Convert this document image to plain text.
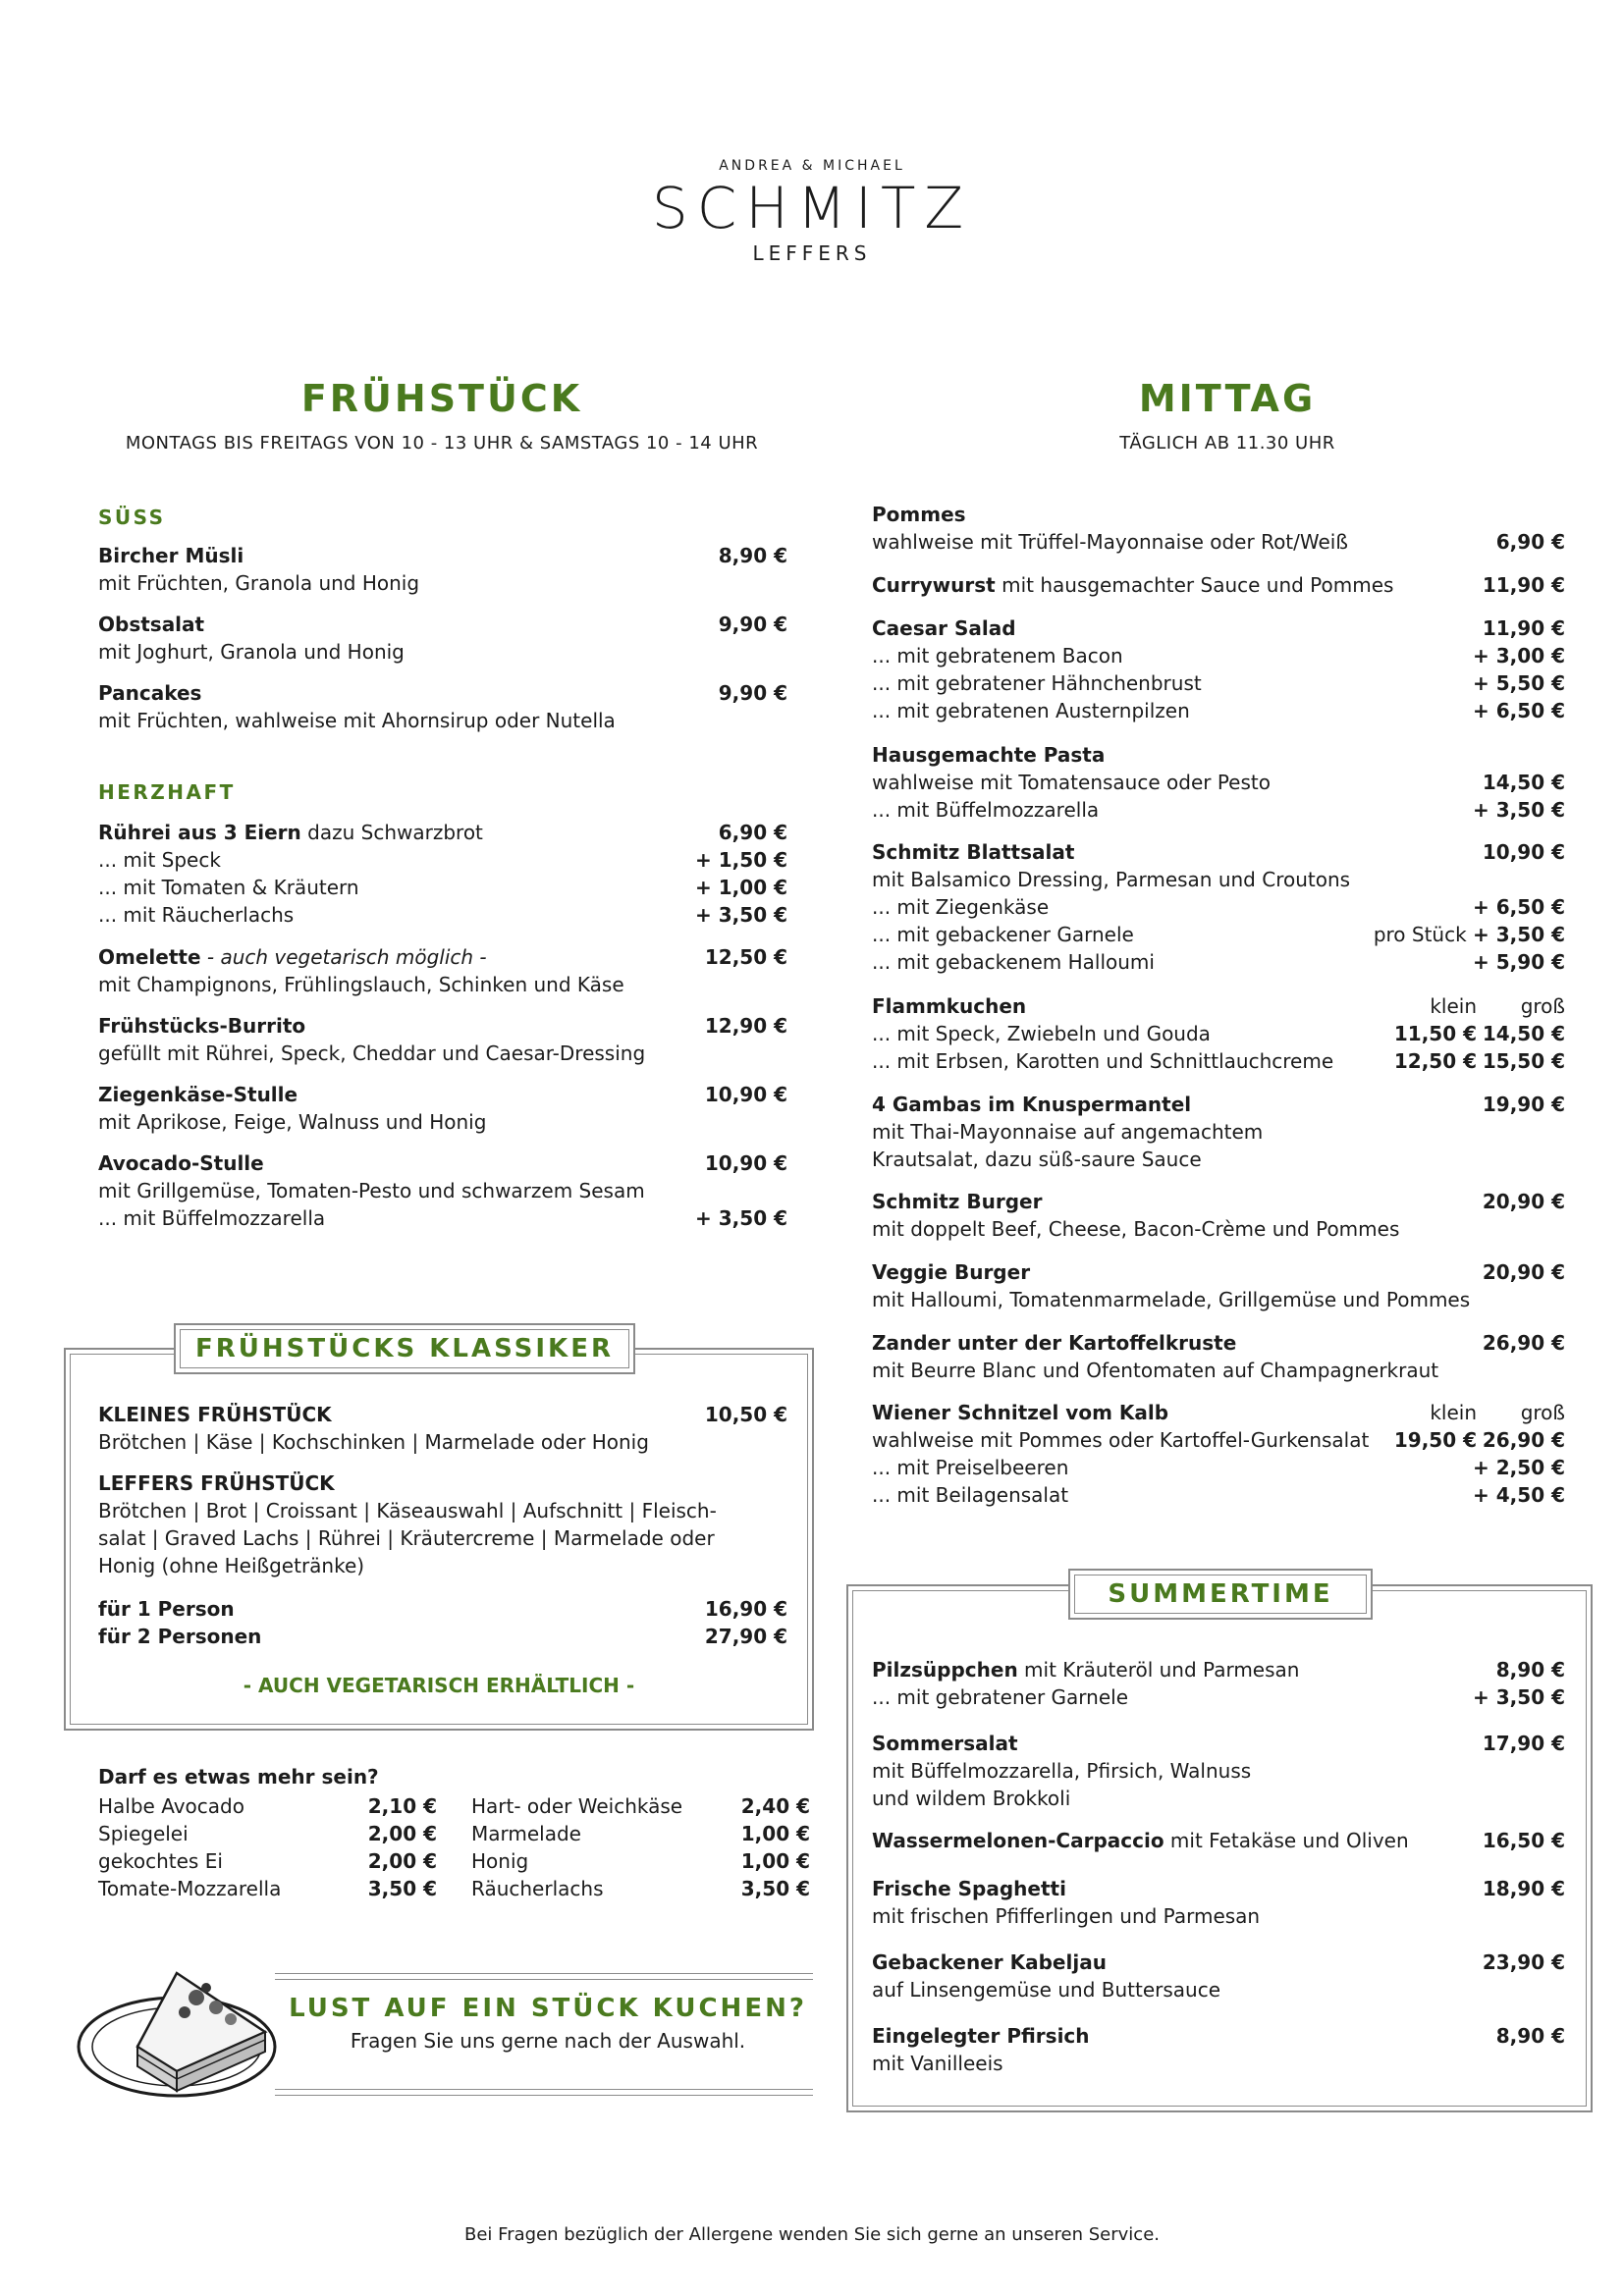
ANDREA & MICHAEL
SCHMITZ
LEFFERS
FRÜHSTÜCK
MONTAGS BIS FREITAGS VON 10 - 13 UHR & SAMSTAGS 10 - 14 UHR
MITTAG
TÄGLICH AB 11.30 UHR
SÜSS
Bircher Müsli	8,90 €
mit Früchten, Granola und Honig
Obstsalat	9,90 €
mit Joghurt, Granola und Honig
Pancakes	9,90 €
mit Früchten, wahlweise mit Ahornsirup oder Nutella
HERZHAFT
Rührei aus 3 Eiern dazu Schwarzbrot	6,90 €
... mit Speck	+ 1,50 €
... mit Tomaten & Kräutern	+ 1,00 €
... mit Räucherlachs	+ 3,50 €
Omelette - auch vegetarisch möglich -	12,50 €
mit Champignons, Frühlingslauch, Schinken und Käse
Frühstücks-Burrito	12,90 €
gefüllt mit Rührei, Speck, Cheddar und Caesar-Dressing
Ziegenkäse-Stulle	10,90 €
mit Aprikose, Feige, Walnuss und Honig
Avocado-Stulle	10,90 €
mit Grillgemüse, Tomaten-Pesto und schwarzem Sesam
... mit Büffelmozzarella	+ 3,50 €
FRÜHSTÜCKS KLASSIKER
KLEINES FRÜHSTÜCK	10,50 €
Brötchen | Käse | Kochschinken | Marmelade oder Honig
LEFFERS FRÜHSTÜCK
Brötchen | Brot | Croissant | Käseauswahl | Aufschnitt | Fleisch-
salat | Graved Lachs | Rührei | Kräutercreme | Marmelade oder
Honig (ohne Heißgetränke)
für 1 Person	16,90 €
für 2 Personen	27,90 €
- AUCH VEGETARISCH ERHÄLTLICH -
Darf es etwas mehr sein?
Halbe Avocado	2,10 €
Spiegelei	2,00 €
gekochtes Ei	2,00 €
Tomate-Mozzarella	3,50 €
Hart- oder Weichkäse	2,40 €
Marmelade	1,00 €
Honig	1,00 €
Räucherlachs	3,50 €
LUST AUF EIN STÜCK KUCHEN?
Fragen Sie uns gerne nach der Auswahl.
Pommes
wahlweise mit Trüffel-Mayonnaise oder Rot/Weiß	6,90 €
Currywurst mit hausgemachter Sauce und Pommes	11,90 €
Caesar Salad	11,90 €
... mit gebratenem Bacon	+ 3,00 €
... mit gebratener Hähnchenbrust	+ 5,50 €
... mit gebratenen Austernpilzen	+ 6,50 €
Hausgemachte Pasta
wahlweise mit Tomatensauce oder Pesto	14,50 €
... mit Büffelmozzarella	+ 3,50 €
Schmitz Blattsalat	10,90 €
mit Balsamico Dressing, Parmesan und Croutons
... mit Ziegenkäse	+ 6,50 €
... mit gebackener Garnele	pro Stück + 3,50 €
... mit gebackenem Halloumi	+ 5,90 €
Flammkuchen	klein groß
... mit Speck, Zwiebeln und Gouda	11,50 € 14,50 €
... mit Erbsen, Karotten und Schnittlauchcreme	12,50 € 15,50 €
4 Gambas im Knuspermantel	19,90 €
mit Thai-Mayonnaise auf angemachtem
Krautsalat, dazu süß-saure Sauce
Schmitz Burger	20,90 €
mit doppelt Beef, Cheese, Bacon-Crème und Pommes
Veggie Burger	20,90 €
mit Halloumi, Tomatenmarmelade, Grillgemüse und Pommes
Zander unter der Kartoffelkruste	26,90 €
mit Beurre Blanc und Ofentomaten auf Champagnerkraut
Wiener Schnitzel vom Kalb	klein groß
wahlweise mit Pommes oder Kartoffel-Gurkensalat 19,50 € 26,90 €
... mit Preiselbeeren	+ 2,50 €
... mit Beilagensalat	+ 4,50 €
SUMMERTIME
Pilzsüppchen mit Kräuteröl und Parmesan	8,90 €
... mit gebratener Garnele	+ 3,50 €
Sommersalat	17,90 €
mit Büffelmozzarella, Pfirsich, Walnuss
und wildem Brokkoli
Wassermelonen-Carpaccio mit Fetakäse und Oliven	16,50 €
Frische Spaghetti	18,90 €
mit frischen Pfifferlingen und Parmesan
Gebackener Kabeljau	23,90 €
auf Linsengemüse und Buttersauce
Eingelegter Pfirsich	8,90 €
mit Vanilleeis
Bei Fragen bezüglich der Allergene wenden Sie sich gerne an unseren Service.
